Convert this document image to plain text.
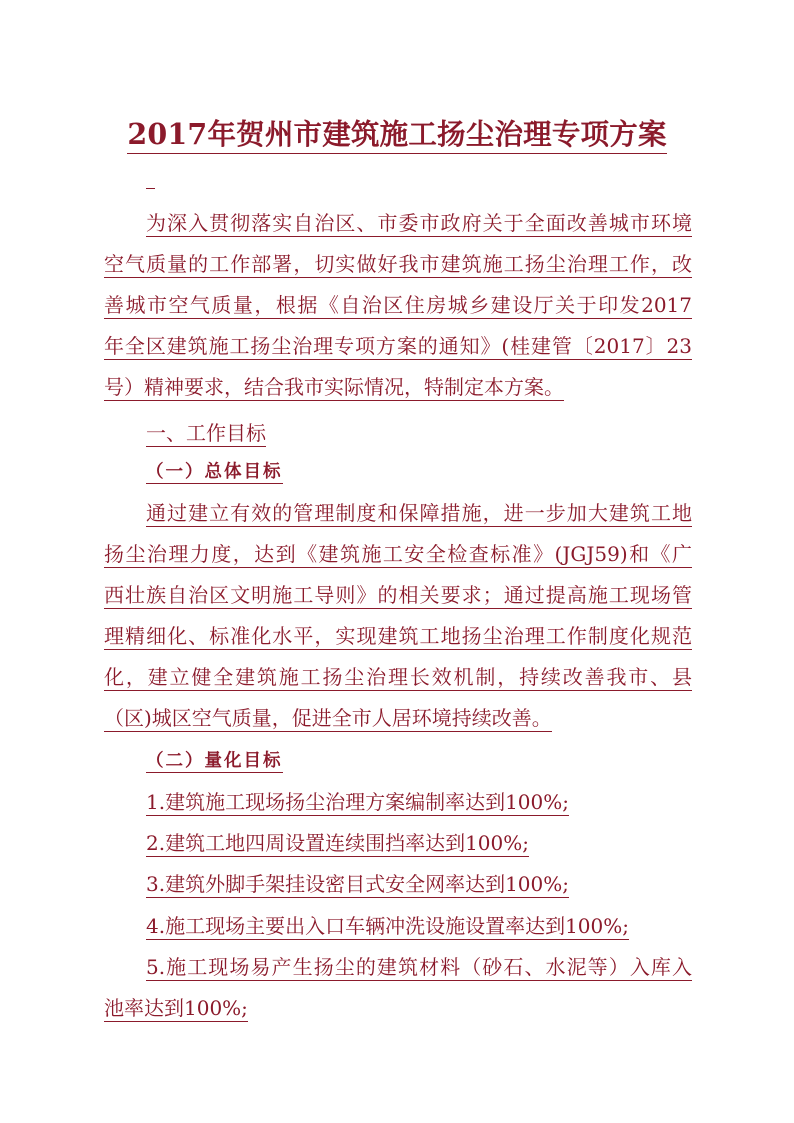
2017年贺州市建筑施工扬尘治理专项方案
为深入贯彻落实自治区、市委市政府关于全面改善城市环境
空气质量的工作部署，切实做好我市建筑施工扬尘治理工作，改
善城市空气质量，根据《自治区住房城乡建设厅关于印发2017
年全区建筑施工扬尘治理专项方案的通知》(桂建管〔2017〕23
号）精神要求，结合我市实际情况，特制定本方案。
一、工作目标
（一）总体目标
通过建立有效的管理制度和保障措施，进一步加大建筑工地
扬尘治理力度，达到《建筑施工安全检查标准》(JGJ59)和《广
西壮族自治区文明施工导则》的相关要求；通过提高施工现场管
理精细化、标准化水平，实现建筑工地扬尘治理工作制度化规范
化，建立健全建筑施工扬尘治理长效机制，持续改善我市、县
（区)城区空气质量，促进全市人居环境持续改善。
（二）量化目标
1.建筑施工现场扬尘治理方案编制率达到100%;
2.建筑工地四周设置连续围挡率达到100%;
3.建筑外脚手架挂设密目式安全网率达到100%;
4.施工现场主要出入口车辆冲洗设施设置率达到100%;
5.施工现场易产生扬尘的建筑材料（砂石、水泥等）入库入
池率达到100%;
